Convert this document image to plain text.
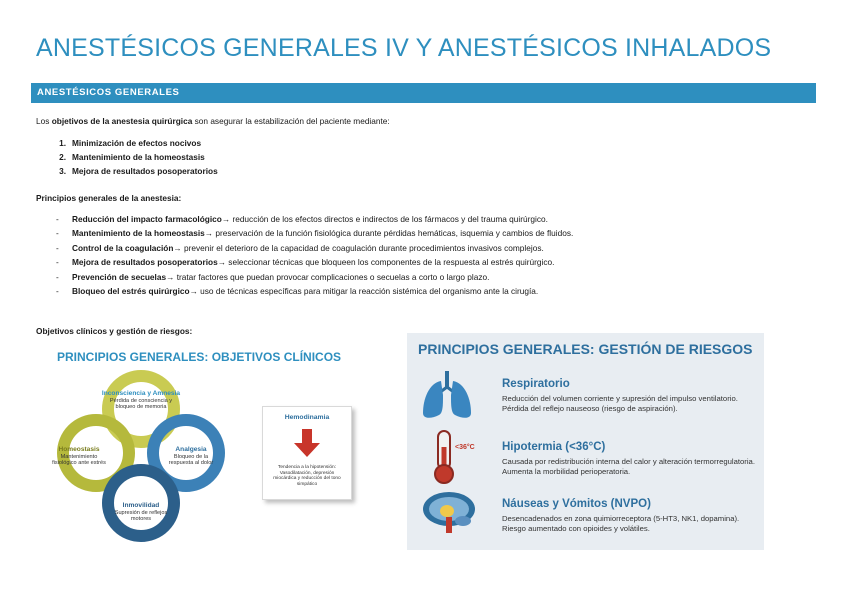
ANESTÉSICOS GENERALES IV Y ANESTÉSICOS INHALADOS
ANESTÉSICOS GENERALES
Los objetivos de la anestesia quirúrgica son asegurar la estabilización del paciente mediante:
1. Minimización de efectos nocivos
2. Mantenimiento de la homeostasis
3. Mejora de resultados posoperatorios
Principios generales de la anestesia:
-	Reducción del impacto farmacológico → reducción de los efectos directos e indirectos de los fármacos y del trauma quirúrgico.
-	Mantenimiento de la homeostasis → preservación de la función fisiológica durante pérdidas hemáticas, isquemia y cambios de fluidos.
-	Control de la coagulación → prevenir el deterioro de la capacidad de coagulación durante procedimientos invasivos complejos.
-	Mejora de resultados posoperatorios → seleccionar técnicas que bloqueen los componentes de la respuesta al estrés quirúrgico.
-	Prevención de secuelas → tratar factores que puedan provocar complicaciones o secuelas a corto o largo plazo.
-	Bloqueo del estrés quirúrgico → uso de técnicas específicas para mitigar la reacción sistémica del organismo ante la cirugía.
Objetivos clínicos y gestión de riesgos:
PRINCIPIOS GENERALES: OBJETIVOS CLÍNICOS
Inconsciencia y Amnesia
Pérdida de consciencia y bloqueo de memoria
Homeostasis
Mantenimiento fisiológico ante estrés
Analgesia
Bloqueo de la respuesta al dolor
Inmovilidad
Supresión de reflejos motores
Hemodinamia
Tendencia a la hipotensión: Vasodilatación, depresión miocárdica y reducción del tono simpático
PRINCIPIOS GENERALES: GESTIÓN DE RIESGOS
Respiratorio
Reducción del volumen corriente y supresión del impulso ventilatorio. Pérdida del reflejo nauseoso (riesgo de aspiración).
<36°C Hipotermia (<36°C)
Causada por redistribución interna del calor y alteración termorregulatoria. Aumenta la morbilidad perioperatoria.
Náuseas y Vómitos (NVPO)
Desencadenados en zona quimiorreceptora (5-HT3, NK1, dopamina). Riesgo aumentado con opioides y volátiles.
